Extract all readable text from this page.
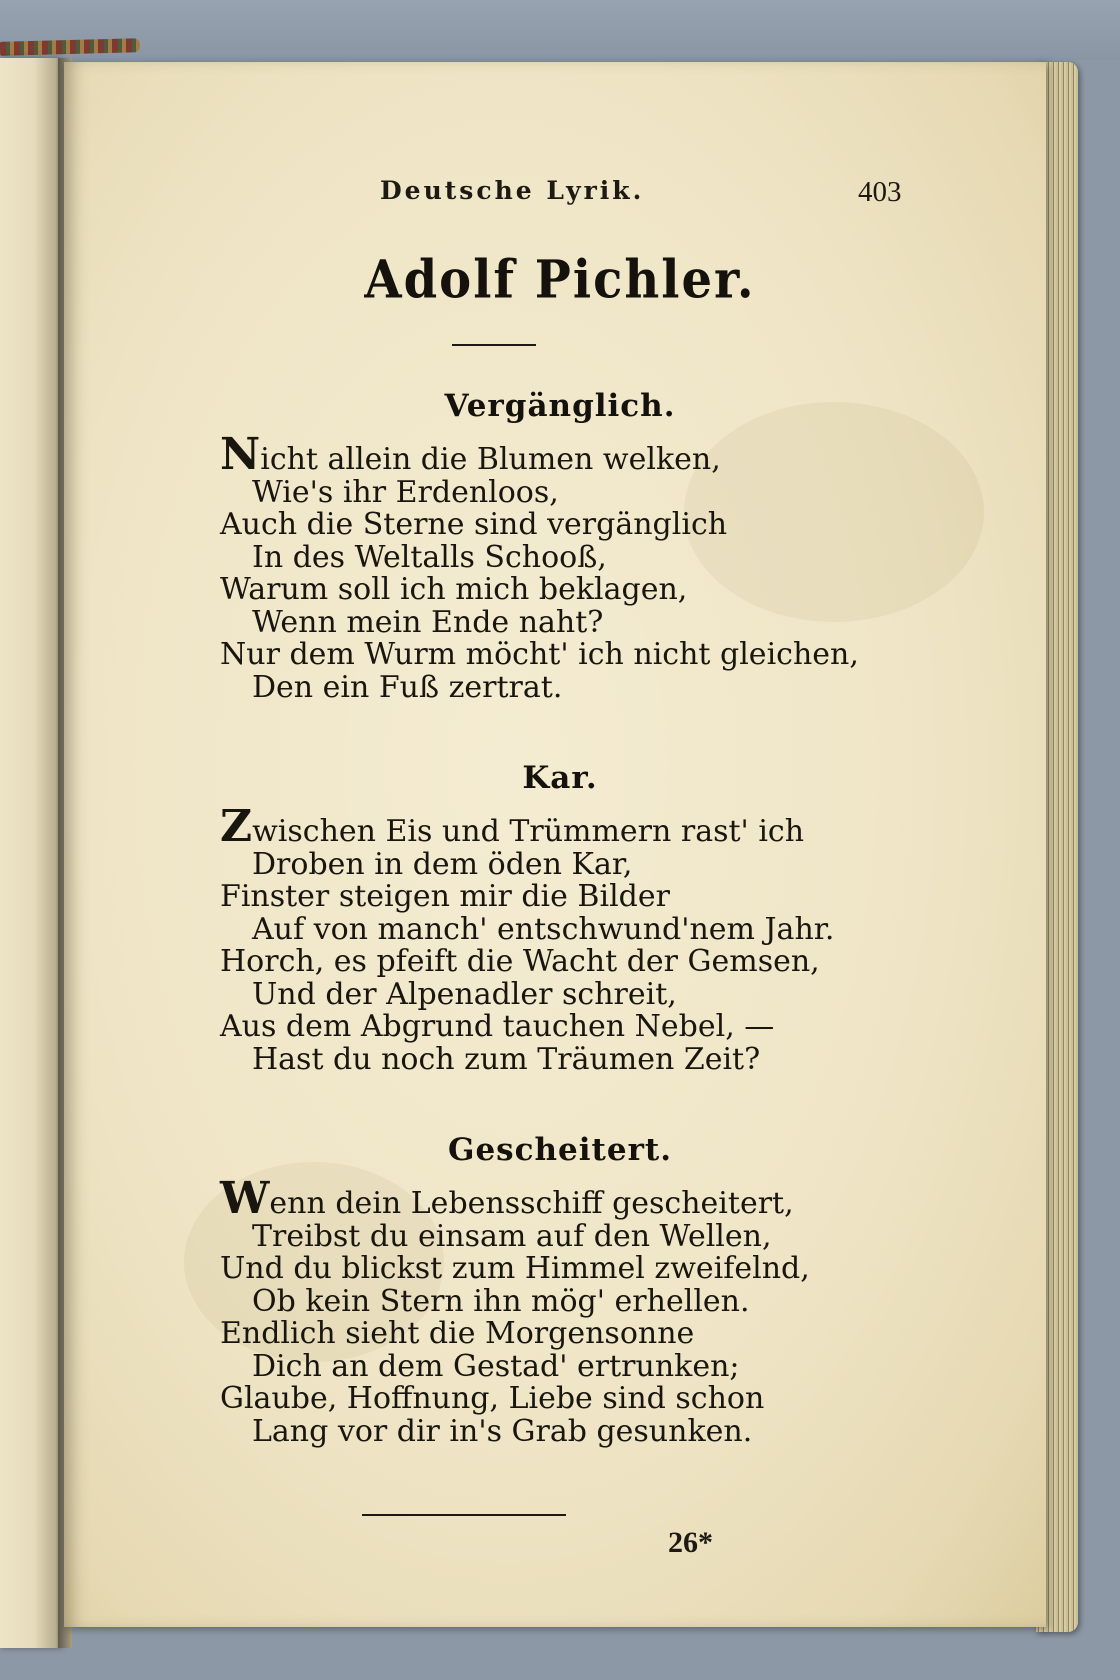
Deutsche Lyrik.	403
Adolf Pichler.
Vergänglich.
Nicht allein die Blumen welken,
Wie's ihr Erdenloos,
Auch die Sterne sind vergänglich
In des Weltalls Schooß,
Warum soll ich mich beklagen,
Wenn mein Ende naht?
Nur dem Wurm möcht' ich nicht gleichen,
Den ein Fuß zertrat.
Kar.
Zwischen Eis und Trümmern rast' ich
Droben in dem öden Kar,
Finster steigen mir die Bilder
Auf von manch' entschwund'nem Jahr.
Horch, es pfeift die Wacht der Gemsen,
Und der Alpenadler schreit,
Aus dem Abgrund tauchen Nebel, —
Hast du noch zum Träumen Zeit?
Gescheitert.
Wenn dein Lebensschiff gescheitert,
Treibst du einsam auf den Wellen,
Und du blickst zum Himmel zweifelnd,
Ob kein Stern ihn mög' erhellen.
Endlich sieht die Morgensonne
Dich an dem Gestad' ertrunken;
Glaube, Hoffnung, Liebe sind schon
Lang vor dir in's Grab gesunken.
26*
